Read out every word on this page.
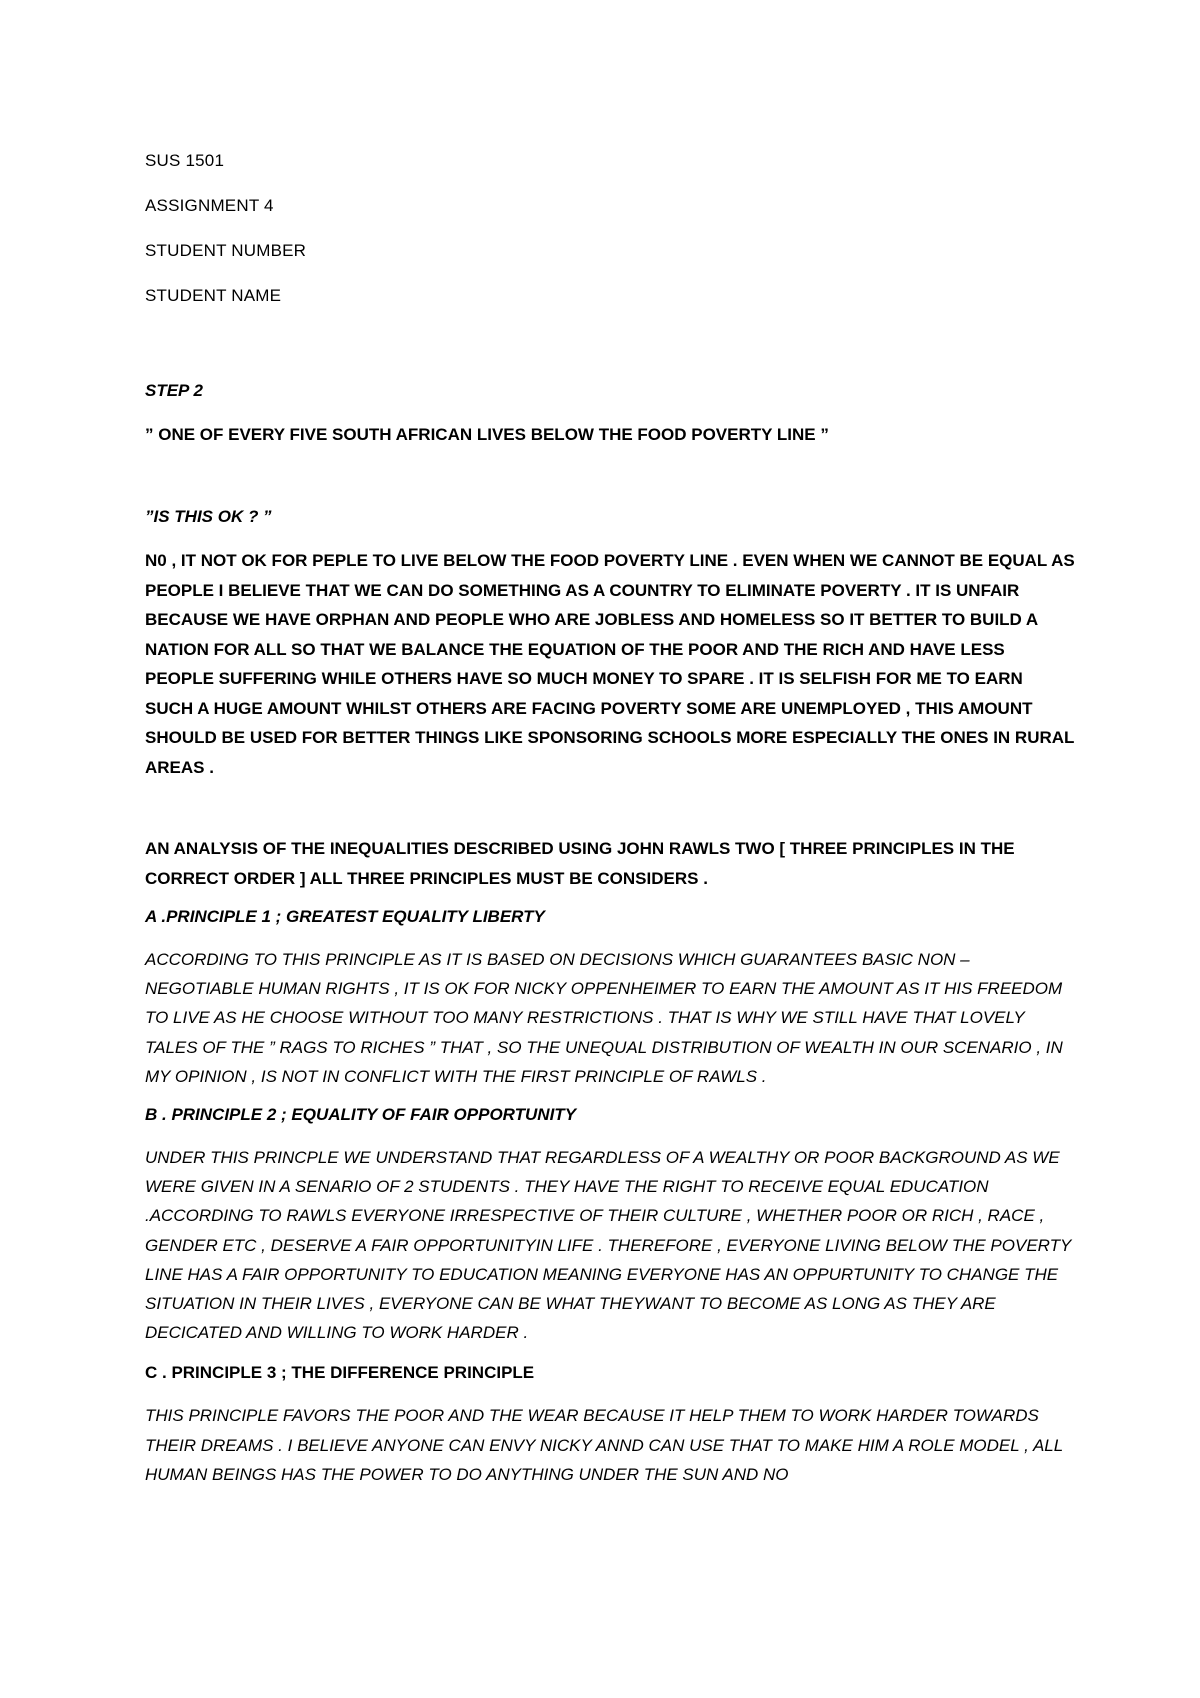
SUS 1501
ASSIGNMENT 4
STUDENT NUMBER
STUDENT NAME
STEP 2
” ONE OF EVERY FIVE SOUTH AFRICAN LIVES BELOW THE FOOD POVERTY LINE ”
”IS THIS OK ? ”

N0 , IT NOT OK FOR PEPLE TO LIVE BELOW THE FOOD POVERTY LINE . EVEN WHEN WE CANNOT BE EQUAL AS PEOPLE I BELIEVE THAT WE CAN DO SOMETHING AS A COUNTRY TO ELIMINATE POVERTY . IT IS UNFAIR BECAUSE WE HAVE ORPHAN AND PEOPLE WHO ARE JOBLESS AND HOMELESS SO IT BETTER TO BUILD A NATION FOR ALL SO THAT WE BALANCE THE EQUATION OF THE POOR AND THE RICH AND HAVE LESS PEOPLE SUFFERING WHILE OTHERS HAVE SO MUCH MONEY TO SPARE . IT IS SELFISH FOR ME TO EARN SUCH A HUGE AMOUNT WHILST OTHERS ARE FACING POVERTY SOME ARE UNEMPLOYED , THIS AMOUNT SHOULD BE USED FOR BETTER THINGS LIKE SPONSORING SCHOOLS MORE ESPECIALLY THE ONES IN RURAL AREAS .

AN ANALYSIS OF THE INEQUALITIES DESCRIBED USING JOHN RAWLS TWO [ THREE PRINCIPLES IN THE CORRECT ORDER ] ALL THREE PRINCIPLES MUST BE CONSIDERS .
A .PRINCIPLE 1 ; GREATEST EQUALITY LIBERTY
ACCORDING TO THIS PRINCIPLE AS IT IS BASED ON DECISIONS WHICH GUARANTEES BASIC NON – NEGOTIABLE HUMAN RIGHTS , IT IS OK FOR NICKY OPPENHEIMER TO EARN THE AMOUNT AS IT HIS FREEDOM TO LIVE AS HE CHOOSE WITHOUT TOO MANY RESTRICTIONS . THAT IS WHY WE STILL HAVE THAT LOVELY TALES OF THE ” RAGS TO RICHES ” THAT , SO THE UNEQUAL DISTRIBUTION OF WEALTH IN OUR SCENARIO , IN MY OPINION , IS NOT IN CONFLICT WITH THE FIRST PRINCIPLE OF RAWLS .
B . PRINCIPLE 2 ; EQUALITY OF FAIR OPPORTUNITY
UNDER THIS PRINCPLE WE UNDERSTAND THAT REGARDLESS OF A WEALTHY OR POOR BACKGROUND AS WE WERE GIVEN IN A SENARIO OF 2 STUDENTS . THEY HAVE THE RIGHT TO RECEIVE EQUAL EDUCATION .ACCORDING TO RAWLS EVERYONE IRRESPECTIVE OF THEIR CULTURE , WHETHER POOR OR RICH , RACE , GENDER ETC , DESERVE A FAIR OPPORTUNITYIN LIFE . THEREFORE , EVERYONE LIVING BELOW THE POVERTY LINE HAS A FAIR OPPORTUNITY TO EDUCATION MEANING EVERYONE HAS AN OPPURTUNITY TO CHANGE THE SITUATION IN THEIR LIVES , EVERYONE CAN BE WHAT THEYWANT TO BECOME AS LONG AS THEY ARE DECICATED AND WILLING TO WORK HARDER .
C . PRINCIPLE 3 ; THE DIFFERENCE PRINCIPLE
THIS PRINCIPLE FAVORS THE POOR AND THE WEAR BECAUSE IT HELP THEM TO WORK HARDER TOWARDS THEIR DREAMS . I BELIEVE ANYONE CAN ENVY NICKY ANND CAN USE THAT TO MAKE HIM A ROLE MODEL , ALL HUMAN BEINGS HAS THE POWER TO DO ANYTHING UNDER THE SUN AND NO
